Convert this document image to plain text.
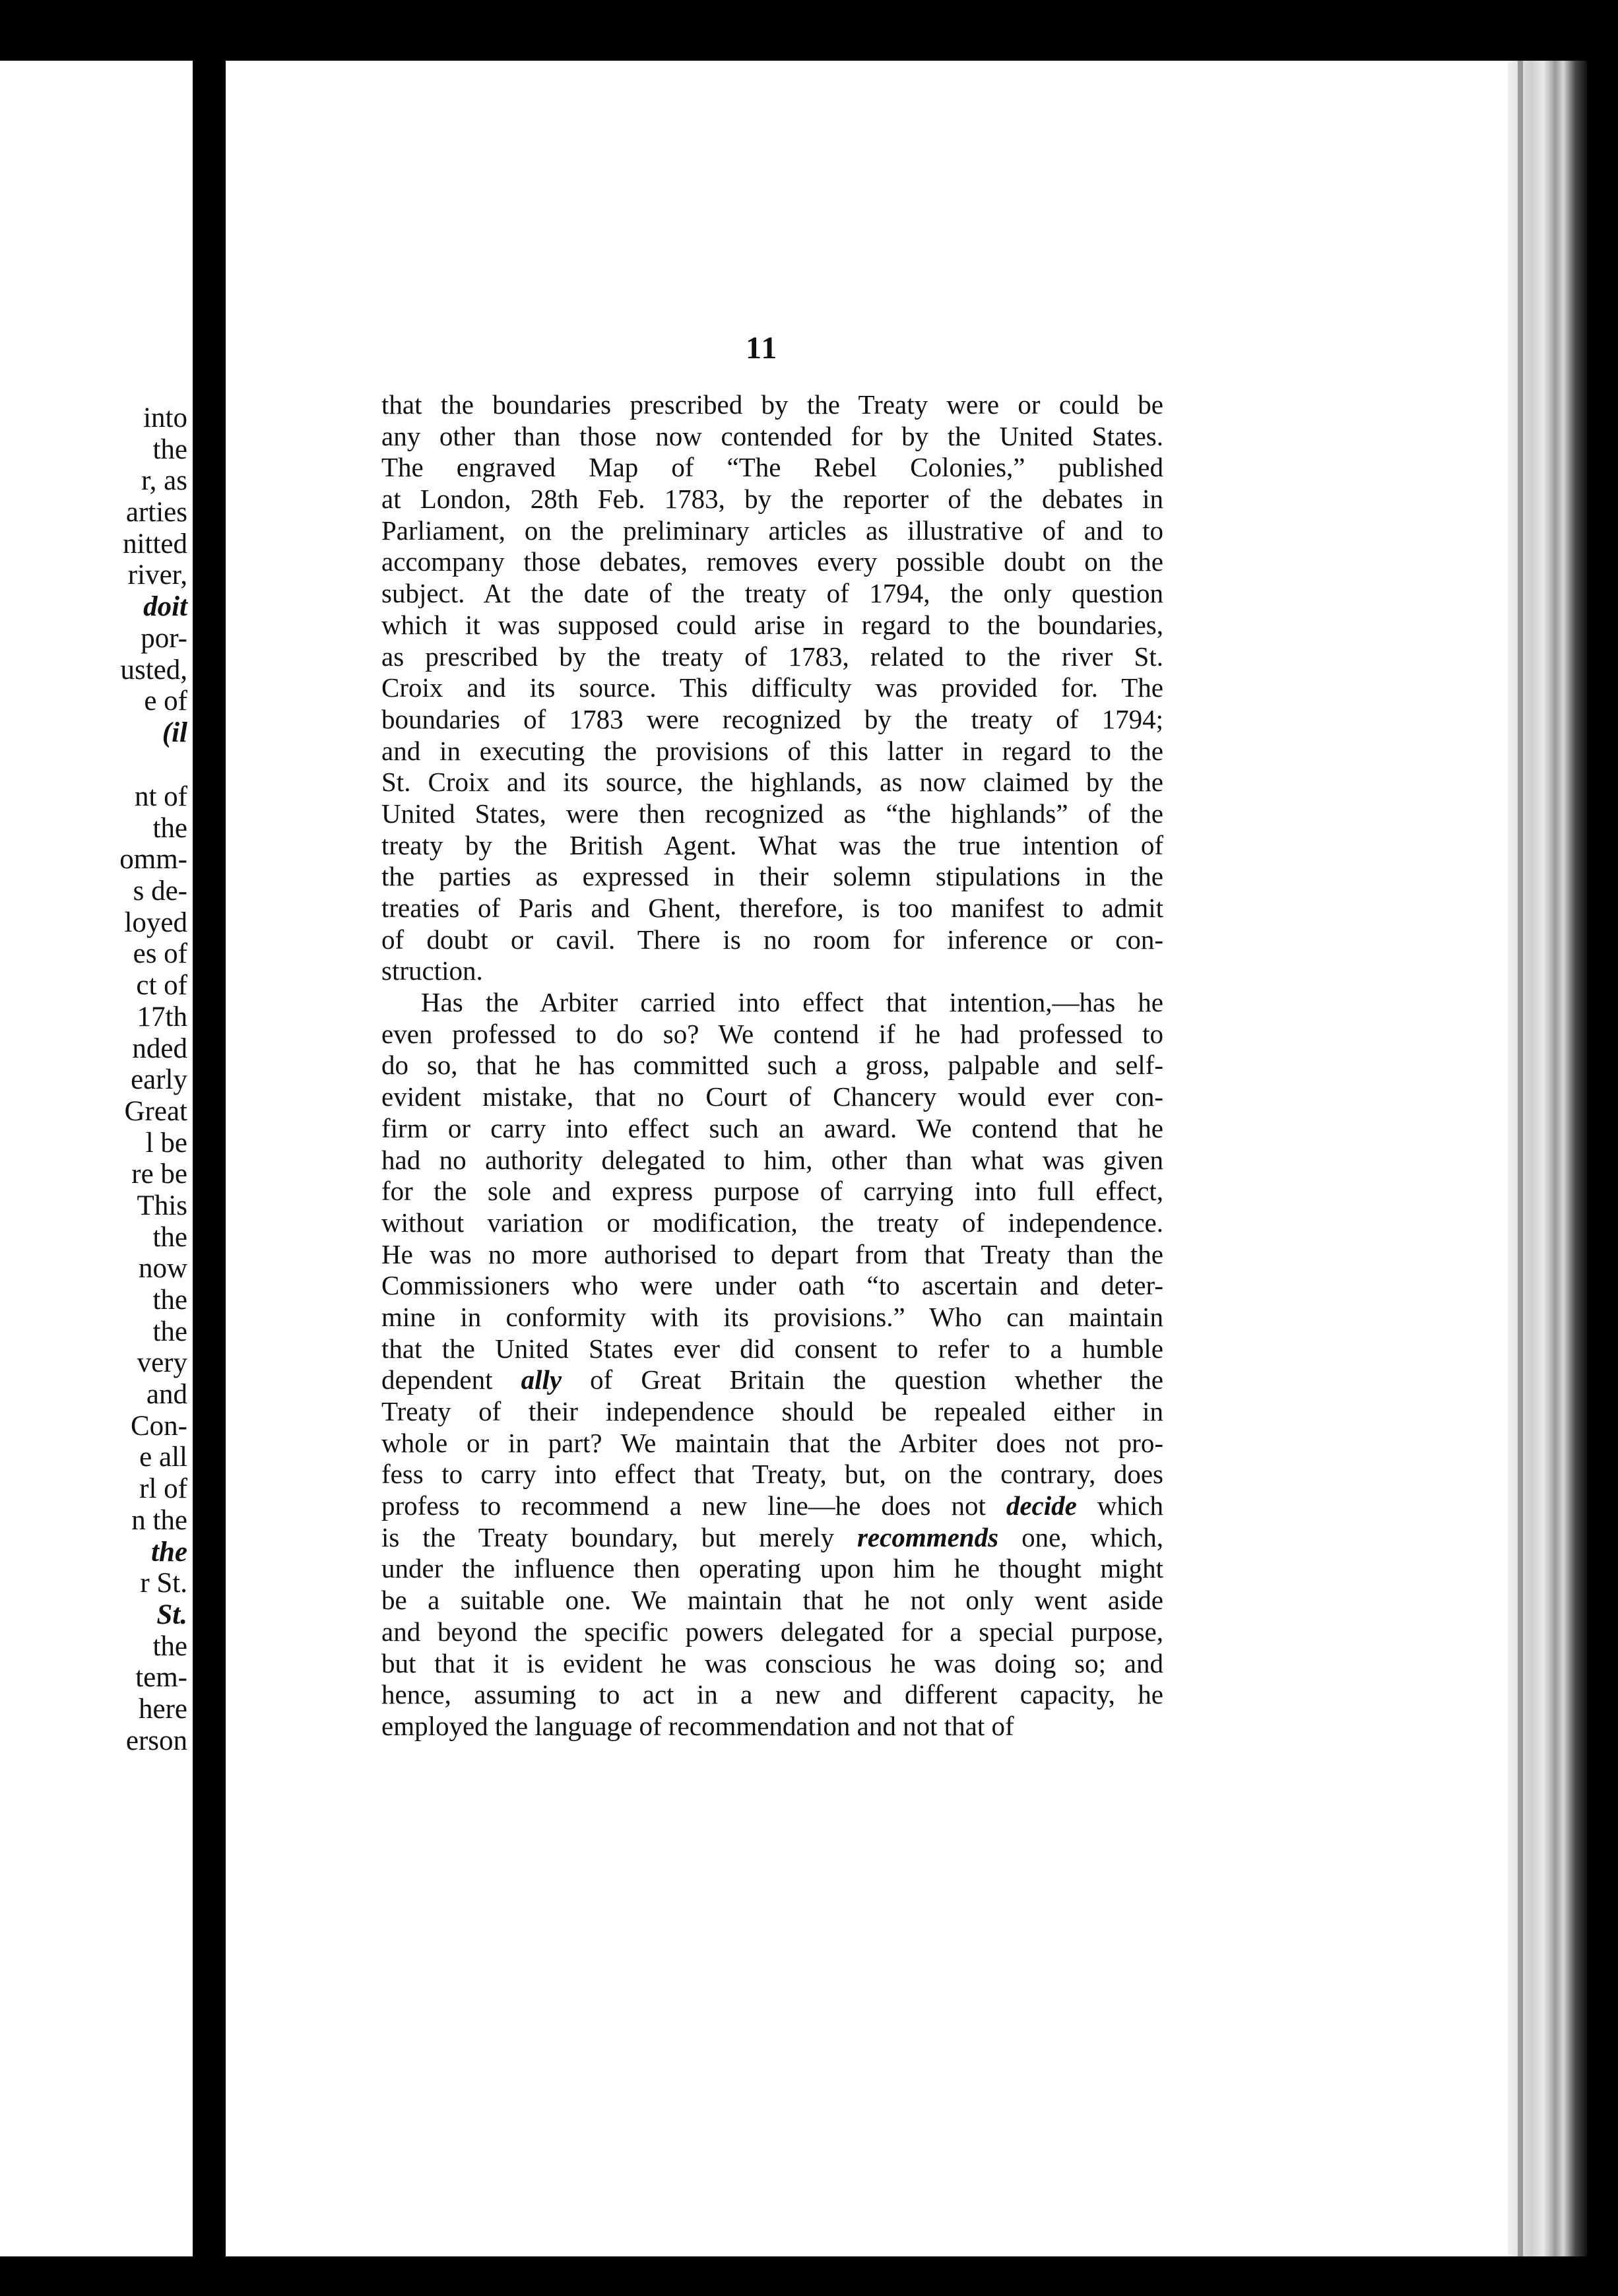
into
the
r, as
arties
nitted
river,
doit
por-
usted,
e of
(il
nt of
the
omm-
s de-
loyed
es of
ct of
17th
nded
early
Great
l be
re be
This
the
now
the
the
very
and
Con-
e all
rl of
n the
the
r St.
St.
the
tem-
here
erson
11
that the boundaries prescribed by the Treaty were or could be
any other than those now contended for by the United States.
The engraved Map of “The Rebel Colonies,” published
at London, 28th Feb. 1783, by the reporter of the debates in
Parliament, on the preliminary articles as illustrative of and to
accompany those debates, removes every possible doubt on the
subject. At the date of the treaty of 1794, the only question
which it was supposed could arise in regard to the boundaries,
as prescribed by the treaty of 1783, related to the river St.
Croix and its source. This difficulty was provided for. The
boundaries of 1783 were recognized by the treaty of 1794;
and in executing the provisions of this latter in regard to the
St. Croix and its source, the highlands, as now claimed by the
United States, were then recognized as “the highlands” of the
treaty by the British Agent. What was the true intention of
the parties as expressed in their solemn stipulations in the
treaties of Paris and Ghent, therefore, is too manifest to admit
of doubt or cavil. There is no room for inference or con-
struction.
Has the Arbiter carried into effect that intention,—has he
even professed to do so? We contend if he had professed to
do so, that he has committed such a gross, palpable and self-
evident mistake, that no Court of Chancery would ever con-
firm or carry into effect such an award. We contend that he
had no authority delegated to him, other than what was given
for the sole and express purpose of carrying into full effect,
without variation or modification, the treaty of independence.
He was no more authorised to depart from that Treaty than the
Commissioners who were under oath “to ascertain and deter-
mine in conformity with its provisions.” Who can maintain
that the United States ever did consent to refer to a humble
dependent ally of Great Britain the question whether the
Treaty of their independence should be repealed either in
whole or in part? We maintain that the Arbiter does not pro-
fess to carry into effect that Treaty, but, on the contrary, does
profess to recommend a new line—he does not decide which
is the Treaty boundary, but merely recommends one, which,
under the influence then operating upon him he thought might
be a suitable one. We maintain that he not only went aside
and beyond the specific powers delegated for a special purpose,
but that it is evident he was conscious he was doing so; and
hence, assuming to act in a new and different capacity, he
employed the language of recommendation and not that of
